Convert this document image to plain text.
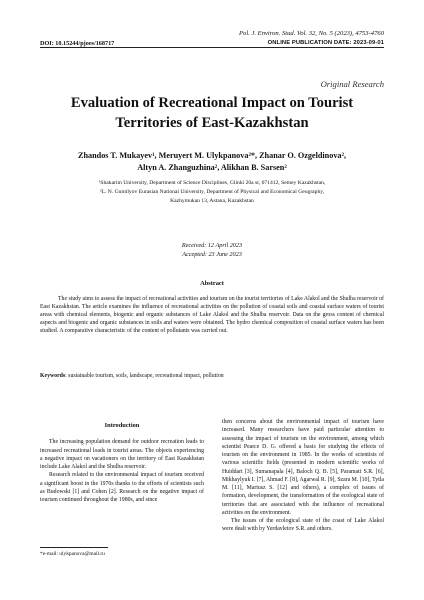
Pol. J. Environ. Stud. Vol. 32, No. 5 (2023), 4753-4760
DOI: 10.15244/pjoes/168717	ONLINE PUBLICATION DATE: 2023-09-01
Original Research
Evaluation of Recreational Impact on Tourist
Territories of East-Kazakhstan
Zhandos T. Mukayev¹, Meruyert M. Ulykpanova²*, Zhanar O. Ozgeldinova²,
Altyn A. Zhanguzhina², Alikhan B. Sarsen²
¹Shakarim University, Department of Science Disciplines, Glinki 20a st, 071412, Semey Kazakhstan,
²L. N. Gumilyov Eurasian National University, Department of Physical and Economical Geography,
Kazhymukan 13, Astana, Kazakhstan
Received: 12 April 2023
Accepted: 23 June 2023
Abstract
The study aims to assess the impact of recreational activities and tourism on the tourist territories of Lake Alakol and the Shulba reservoir of East Kazakhstan. The article examines the influence of recreational activities on the pollution of coastal soils and coastal surface waters of tourist areas with chemical elements, biogenic and organic substances of Lake Alakol and the Shulba reservoir. Data on the gross content of chemical aspects and biogenic and organic substances in soils and waters were obtained. The hydro chemical composition of coastal surface waters has been studied. A comparative characteristic of the content of pollutants was carried out.
Keywords: sustainable tourism, soils, landscape, recreational impact, pollution
Introduction

The increasing population demand for outdoor recreation leads to increased recreational loads in tourist areas. The objects experiencing a negative impact on vacationers on the territory of East Kazakhstan include Lake Alakol and the Shulba reservoir.

Research related to the environmental impact of tourism received a significant boost in the 1970s thanks to the efforts of scientists such as Budowski [1] and Cohen [2]. Research on the negative impact of tourism continued throughout the 1980s, and since

then concerns about the environmental impact of tourism have increased. Many researchers have paid particular attention to assessing the impact of tourism on the environment, among which scientist Pearce D. G. offered a basis for studying the effects of tourism on the environment in 1985. In the works of scientists of various scientific fields (presented in modern scientific works of Huiddart [3], Sumanapala [4], Baloch Q. B. [5], Paramati S.R. [6], Mikhaylyuk I. [7], Ahmad F. [8], Agarwal R. [9], Szara M. [10], Tytla M. [11], Mariusz S. [12] and others), a complex of issues of formation, development, the transformation of the ecological state of territories that are associated with the influence of recreational activities on the environment.

The issues of the ecological state of the coast of Lake Alakol were dealt with by Yerdavletov S.R. and others.

*e-mail: ulykpanova@mail.ru
